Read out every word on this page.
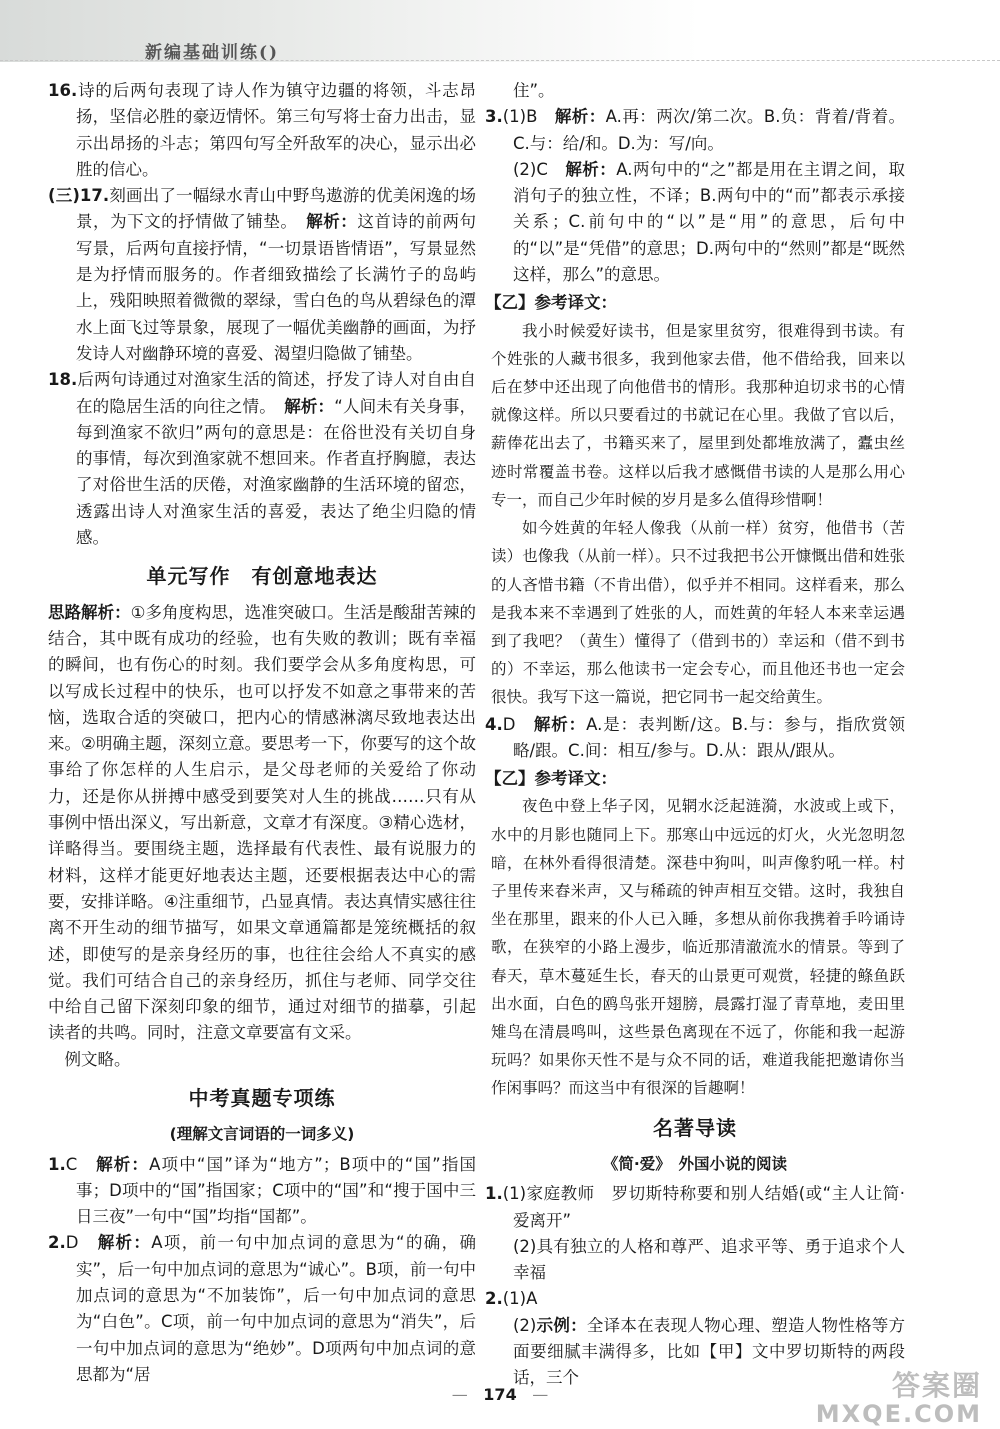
新编基础训练()

16.诗的后两句表现了诗人作为镇守边疆的将领，斗志昂扬，坚信必胜的豪迈情怀。第三句写将士奋力出击，显示出昂扬的斗志；第四句写全歼敌军的决心，显示出必胜的信心。

(三)17.刻画出了一幅绿水青山中野鸟遨游的优美闲逸的场景，为下文的抒情做了铺垫。　 解析：这首诗的前两句写景，后两句直接抒情，“一切景语皆情语”，写景显然是为抒情而服务的。作者细致描绘了长满竹子的岛屿上，残阳映照着微微的翠绿，雪白色的鸟从碧绿色的潭水上面飞过等景象，展现了一幅优美幽静的画面，为抒发诗人对幽静环境的喜爱、渴望归隐做了铺垫。

18.后两句诗通过对渔家生活的简述，抒发了诗人对自由自在的隐居生活的向往之情。　 解析：“人间未有关身事，每到渔家不欲归”两句的意思是：在俗世没有关切自身的事情，每次到渔家就不想回来。作者直抒胸臆，表达了对俗世生活的厌倦，对渔家幽静的生活环境的留恋，透露出诗人对渔家生活的喜爱，表达了绝尘归隐的情感。

单元写作　有创意地表达

思路解析：①多角度构思，选准突破口。生活是酸甜苦辣的结合，其中既有成功的经验，也有失败的教训；既有幸福的瞬间，也有伤心的时刻。我们要学会从多角度构思，可以写成长过程中的快乐，也可以抒发不如意之事带来的苦恼，选取合适的突破口，把内心的情感淋漓尽致地表达出来。②明确主题，深刻立意。要思考一下，你要写的这个故事给了你怎样的人生启示，是父母老师的关爱给了你动力，还是你从拼搏中感受到要笑对人生的挑战……只有从事例中悟出深义，写出新意，文章才有深度。③精心选材，详略得当。要围绕主题，选择最有代表性、最有说服力的材料，这样才能更好地表达主题，还要根据表达中心的需要，安排详略。④注重细节，凸显真情。表达真情实感往往离不开生动的细节描写，如果文章通篇都是笼统概括的叙述，即使写的是亲身经历的事，也往往会给人不真实的感觉。我们可结合自己的亲身经历，抓住与老师、同学交往中给自己留下深刻印象的细节，通过对细节的描摹，引起读者的共鸣。同时，注意文章要富有文采。

例文略。

中考真题专项练
(理解文言词语的一词多义)

1.C　 解析：A项中“国”译为“地方”；B项中的“国”指国事；D项中的“国”指国家；C项中的“国”和“搜于国中三日三夜”一句中“国”均指“国都”。

2.D　 解析：A项，前一句中加点词的意思为“的确，确实”，后一句中加点词的意思为“诚心”。B项，前一句中加点词的意思为“不加装饰”，后一句中加点词的意思为“白色”。C项，前一句中加点词的意思为“消失”，后一句中加点词的意思为“绝妙”。D项两句中加点词的意思都为“居

住”。

3.(1)B　 解析：A.再：两次/第二次。B.负：背着/背着。C.与：给/和。D.为：写/向。

(2)C　 解析：A.两句中的“之”都是用在主谓之间，取消句子的独立性，不译；B.两句中的“而”都表示承接关系；C.前句中的“以”是“用”的意思，后句中的“以”是“凭借”的意思；D.两句中的“然则”都是“既然这样，那么”的意思。

【乙】参考译文：

我小时候爱好读书，但是家里贫穷，很难得到书读。有个姓张的人藏书很多，我到他家去借，他不借给我，回来以后在梦中还出现了向他借书的情形。我那种迫切求书的心情就像这样。所以只要看过的书就记在心里。我做了官以后，薪俸花出去了，书籍买来了，屋里到处都堆放满了，蠹虫丝迹时常覆盖书卷。这样以后我才感慨借书读的人是那么用心专一，而自己少年时候的岁月是多么值得珍惜啊！

如今姓黄的年轻人像我（从前一样）贫穷，他借书（苦读）也像我（从前一样）。只不过我把书公开慷慨出借和姓张的人吝惜书籍（不肯出借），似乎并不相同。这样看来，那么是我本来不幸遇到了姓张的人，而姓黄的年轻人本来幸运遇到了我吧？（黄生）懂得了（借到书的）幸运和（借不到书的）不幸运，那么他读书一定会专心，而且他还书也一定会很快。我写下这一篇说，把它同书一起交给黄生。

4.D　 解析：A.是：表判断/这。B.与：参与，指欣赏领略/跟。C.间：相互/参与。D.从：跟从/跟从。

【乙】参考译文：

夜色中登上华子冈，见辋水泛起涟漪，水波或上或下，水中的月影也随同上下。那寒山中远远的灯火，火光忽明忽暗，在林外看得很清楚。深巷中狗叫，叫声像豹吼一样。村子里传来舂米声，又与稀疏的钟声相互交错。这时，我独自坐在那里，跟来的仆人已入睡，多想从前你我携着手吟诵诗歌，在狭窄的小路上漫步，临近那清澈流水的情景。等到了春天，草木蔓延生长，春天的山景更可观赏，轻捷的鲦鱼跃出水面，白色的鸥鸟张开翅膀，晨露打湿了青草地，麦田里雉鸟在清晨鸣叫，这些景色离现在不远了，你能和我一起游玩吗？如果你天性不是与众不同的话，难道我能把邀请你当作闲事吗？而这当中有很深的旨趣啊！

名著导读
《简·爱》　外国小说的阅读

1.(1)家庭教师　罗切斯特称要和别人结婚(或“主人让简·爱离开”

(2)具有独立的人格和尊严、追求平等、勇于追求个人幸福

2.(1)A

(2)示例：全译本在表现人物心理、塑造人物性格等方面要细腻丰满得多，比如【甲】文中罗切斯特的两段话，三个

— 174 —	答案圈
MXQE.COM
